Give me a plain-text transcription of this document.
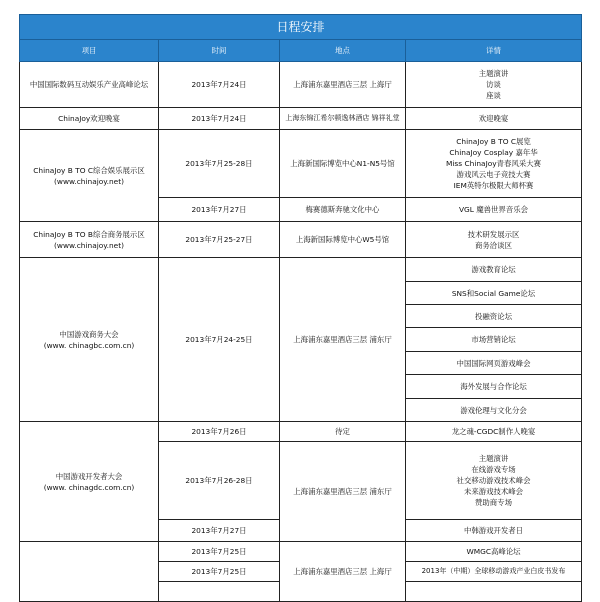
日程安排			
项目	时间	地点	详情
中国国际数码互动娱乐产业高峰论坛	2013年7月24日	上海浦东嘉里酒店三层 上海厅	主题演讲
访谈
座谈

ChinaJoy欢迎晚宴	2013年7月24日	上海东锦江希尔顿逸林酒店 锦祥礼堂	欢迎晚宴

ChinaJoy B TO C综合娱乐展示区
(www.chinajoy.net)	2013年7月25-28日	上海新国际博览中心N1-N5号馆	ChinaJoy B TO C展览
ChinaJoy Cosplay 嘉年华
Miss ChinaJoy青春风采大赛
游戏风云电子竞技大赛
IEM英特尔极限大师杯赛

	2013年7月27日	梅赛德斯奔驰文化中心	VGL 魔兽世界音乐会

ChinaJoy B TO B综合商务展示区
(www.chinajoy.net)	2013年7月25-27日	上海新国际博览中心W5号馆	技术研发展示区
商务洽谈区

中国游戏商务大会
(www. chinagbc.com.cn)	2013年7月24-25日	上海浦东嘉里酒店三层 浦东厅	游戏教育论坛
			SNS和Social Game论坛
			投融资论坛
			市场营销论坛
			中国国际网页游戏峰会
			海外发展与合作论坛
			游戏伦理与文化分会

中国游戏开发者大会
(www. chinagdc.com.cn)	2013年7月26日	待定	龙之魂-CGDC制作人晚宴
	2013年7月26-28日	上海浦东嘉里酒店三层 浦东厅	主题演讲
在线游戏专场
社交移动游戏技术峰会
未来游戏技术峰会
赞助商专场

	2013年7月27日		中韩游戏开发者日
	2013年7月25日	上海浦东嘉里酒店三层 上海厅	WMGC高峰论坛
	2013年7月25日		2013年（中期）全球移动游戏产业白皮书发布
